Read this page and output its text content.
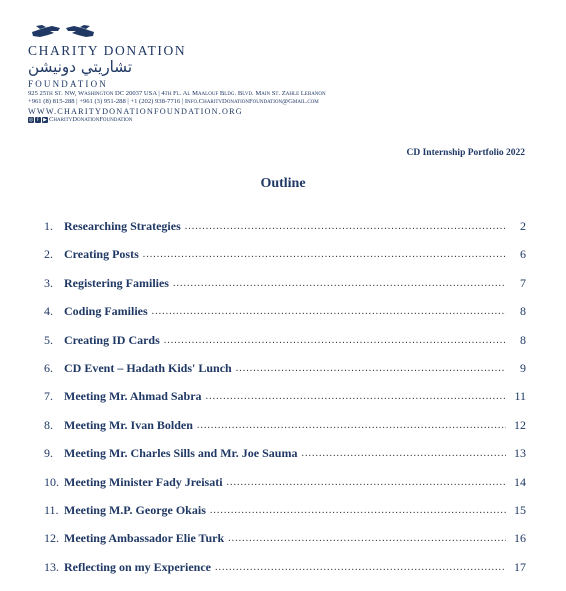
CHARITY DONATION
تشاريتي دونيشن
FOUNDATION
925 25th St. NW, Washington DC 20037 USA | 4th Fl. Al Maalouf Bldg. Blvd. Main St. Zahle Lebanon
+961 (8) 815-288 | +961 (3) 951-288 | +1 (202) 938-7716 | Info.CharityDonationFoundation@Gmail.com
WWW.CHARITYDONATIONFOUNDATION.ORG
◎ f ▶ CharityDonationFoundation
CD Internship Portfolio 2022
Outline
1. Researching Strategies .....	2
2. Creating Posts .....	6
3. Registering Families .....	7
4. Coding Families .....	8
5. Creating ID Cards .....	8
6. CD Event – Hadath Kids' Lunch .....	9
7. Meeting Mr. Ahmad Sabra .....	11
8. Meeting Mr. Ivan Bolden .....	12
9. Meeting Mr. Charles Sills and Mr. Joe Sauma .....	13
10. Meeting Minister Fady Jreisati .....	14
11. Meeting M.P. George Okais .....	15
12. Meeting Ambassador Elie Turk .....	16
13. Reflecting on my Experience .....	17
